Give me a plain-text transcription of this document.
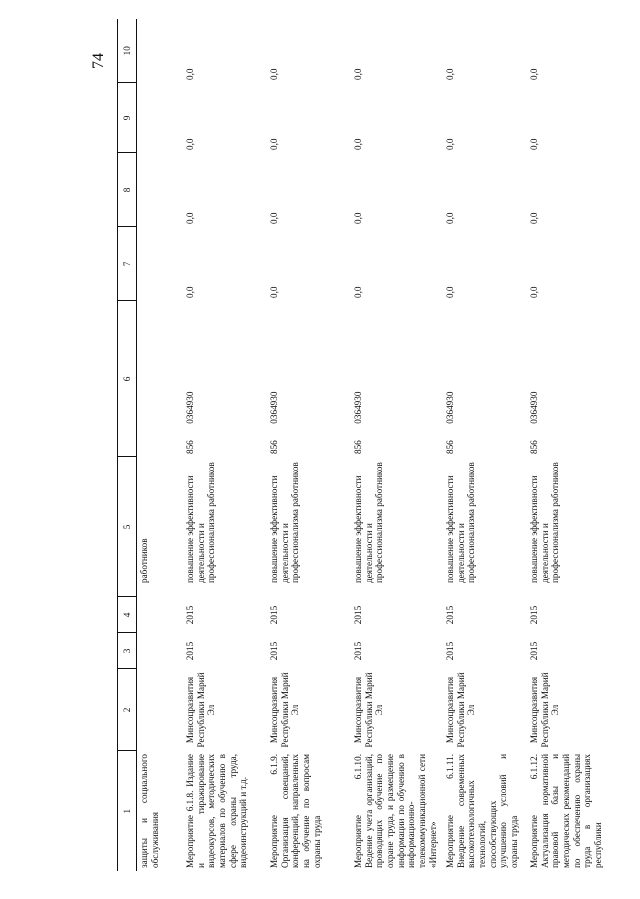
74
1	2	3	4	5	6	7	8	9	10
защиты и социального обслуживания				работников					
Мероприятие 6.1.8. Издание и тиражирование видеокурсов, методических материалов по обучению в сфере охраны труда, видеоинструкций и т.д.	Минсоцразвития Республики Марий Эл	2015	2015	повышение эффективности деятельности и профессионализма работников	856 0364930	0,0	0,0	0,0	0,0
Мероприятие 6.1.9. Организация совещаний, конференций, направленных на обучение по вопросам охраны труда	Минсоцразвития Республики Марий Эл	2015	2015	повышение эффективности деятельности и профессионализма работников	856 0364930	0,0	0,0	0,0	0,0
Мероприятие 6.1.10. Ведение учета организаций, проводящих обучение по охране труда, и размещение информации по обучению в информационно-телекоммуникационной сети «Интернет»	Минсоцразвития Республики Марий Эл	2015	2015	повышение эффективности деятельности и профессионализма работников	856 0364930	0,0	0,0	0,0	0,0
Мероприятие 6.1.11. Внедрение современных высокотехнологичных технологий, способствующих улучшению условий и охраны труда	Минсоцразвития Республики Марий Эл	2015	2015	повышение эффективности деятельности и профессионализма работников	856 0364930	0,0	0,0	0,0	0,0
Мероприятие 6.1.12. Актуализация нормативной правовой базы и методических рекомендаций по обеспечению охраны труда в организациях республики	Минсоцразвития Республики Марий Эл	2015	2015	повышение эффективности деятельности и профессионализма работников	856 0364930	0,0	0,0	0,0	0,0
